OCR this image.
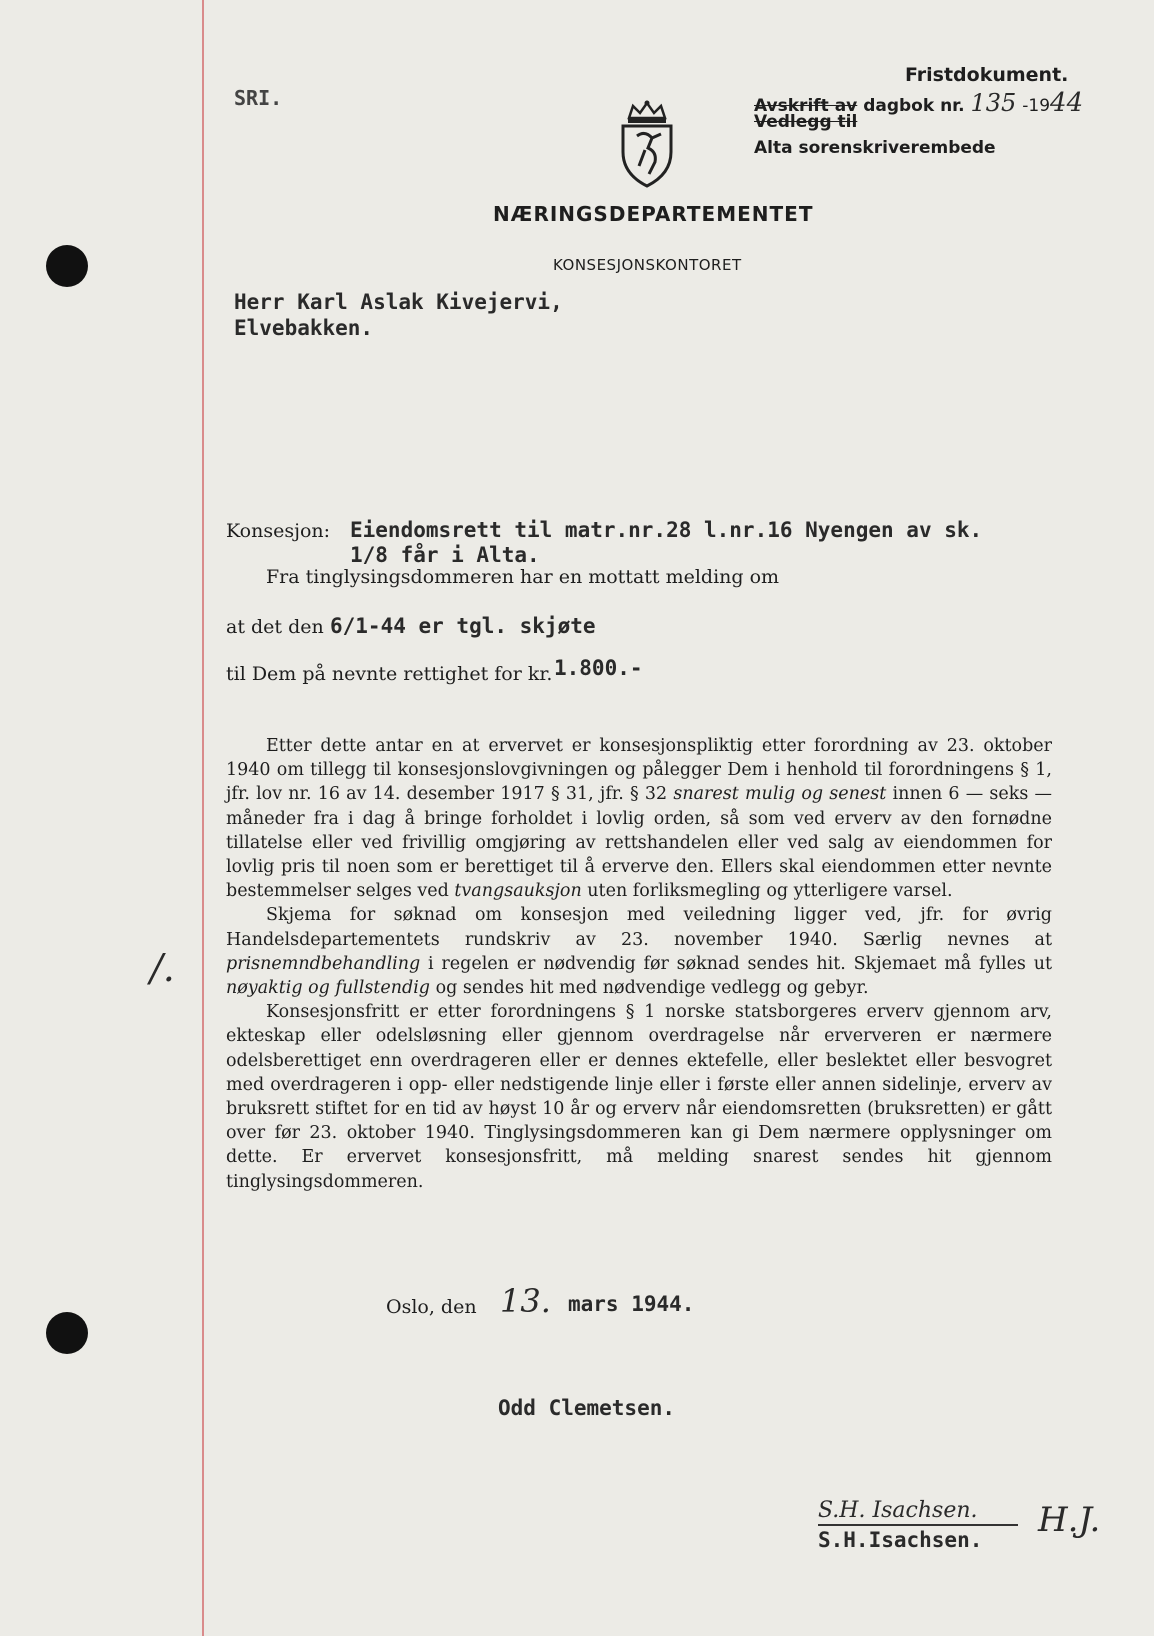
SRI.
Fristdokument.
Avskrift av dagbok nr. 135 -1944
Vedlegg til
Alta sorenskriverembede
NÆRINGSDEPARTEMENTET
KONSESJONSKONTORET
Herr Karl Aslak Kivejervi,
Elvebakken.
Konsesjon: Eiendomsrett til matr.nr.28 l.nr.16 Nyengen av sk.
1/8 får i Alta.
Fra tinglysingsdommeren har en mottatt melding om
at det den 6/1-44 er tgl. skjøte
til Dem på nevnte rettighet for kr. 1.800.-

Etter dette antar en at ervervet er konsesjonspliktig etter forordning av 23. oktober 1940 om tillegg til konsesjonslovgivningen og pålegger Dem i henhold til forordningens § 1, jfr. lov nr. 16 av 14. desember 1917 § 31, jfr. § 32 snarest mulig og senest innen 6 — seks — måneder fra i dag å bringe forholdet i lovlig orden, så som ved erverv av den fornødne tillatelse eller ved frivillig omgjøring av rettshandelen eller ved salg av eiendommen for lovlig pris til noen som er berettiget til å erverve den. Ellers skal eiendommen etter nevnte bestemmelser selges ved tvangsauksjon uten forliksmegling og ytterligere varsel.

Skjema for søknad om konsesjon med veiledning ligger ved, jfr. for øvrig Handelsdepartementets rundskriv av 23. november 1940. Særlig nevnes at prisnemndbehandling i regelen er nødvendig før søknad sendes hit. Skjemaet må fylles ut nøyaktig og fullstendig og sendes hit med nødvendige vedlegg og gebyr.

Konsesjonsfritt er etter forordningens § 1 norske statsborgeres erverv gjennom arv, ekteskap eller odelsløsning eller gjennom overdragelse når erververen er nærmere odelsberettiget enn overdrageren eller er dennes ektefelle, eller beslektet eller besvogret med overdrageren i opp- eller nedstigende linje eller i første eller annen sidelinje, erverv av bruksrett stiftet for en tid av høyst 10 år og erverv når eiendomsretten (bruksretten) er gått over før 23. oktober 1940. Tinglysingsdommeren kan gi Dem nærmere opplysninger om dette. Er ervervet konsesjonsfritt, må melding snarest sendes hit gjennom tinglysingsdommeren.

/.
Oslo, den 13. mars 1944.
Odd Clemetsen.
S.H. Isachsen.
S.H.Isachsen. H.J.
